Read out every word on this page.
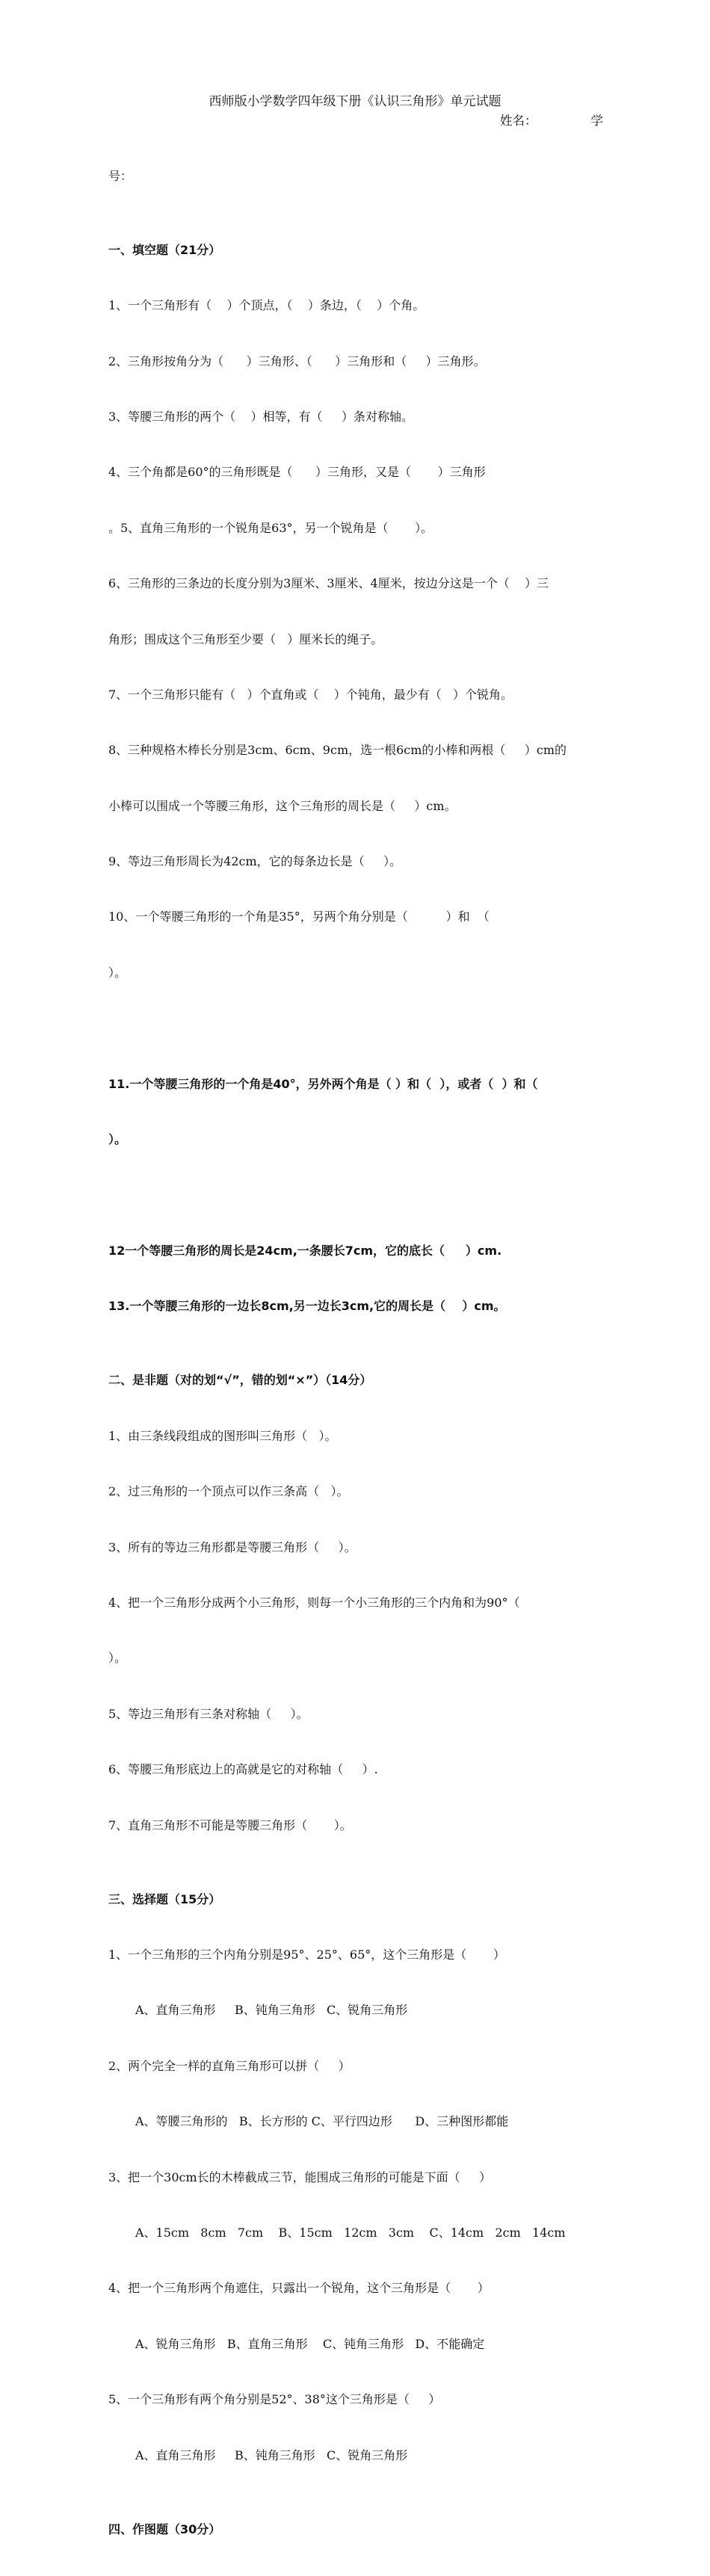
西师版小学数学四年级下册《认识三角形》单元试题
姓名：	学

号：

一、填空题（21分）

1、一个三角形有（    ）个顶点，（    ）条边，（    ）个角。

2、三角形按角分为（      ）三角形、（      ）三角形和（     ）三角形。

3、等腰三角形的两个（    ）相等，有（     ）条对称轴。

4、三个角都是60°的三角形既是（      ）三角形，又是（       ）三角形

。5、直角三角形的一个锐角是63°，另一个锐角是（       ）。

6、三角形的三条边的长度分别为3厘米、3厘米、4厘米，按边分这是一个（    ）三

角形；围成这个三角形至少要（   ）厘米长的绳子。

7、一个三角形只能有（   ）个直角或（    ）个钝角，最少有（   ）个锐角。

8、三种规格木棒长分别是3cm、6cm、9cm，选一根6cm的小棒和两根（     ）cm的

小棒可以围成一个等腰三角形，这个三角形的周长是（     ）cm。

9、等边三角形周长为42cm，它的每条边长是（     ）。

10、一个等腰三角形的一个角是35°，另两个角分别是（          ）和  （

）。

11.一个等腰三角形的一个角是40°，另外两个角是（ ）和（  ），或者（  ）和（

）。

12一个等腰三角形的周长是24cm,一条腰长7cm，它的底长（     ）cm.

13.一个等腰三角形的一边长8cm,另一边长3cm,它的周长是（    ）cm。

二、是非题（对的划“√”，错的划“×”）（14分）

1、由三条线段组成的图形叫三角形（   ）。

2、过三角形的一个顶点可以作三条高（   ）。

3、所有的等边三角形都是等腰三角形（     ）。

4、把一个三角形分成两个小三角形，则每一个小三角形的三个内角和为90°（

）。

5、等边三角形有三条对称轴（     ）。

6、等腰三角形底边上的高就是它的对称轴（     ）.

7、直角三角形不可能是等腰三角形（       ）。

三、选择题（15分）

1、一个三角形的三个内角分别是95°、25°、65°，这个三角形是（       ）

A、直角三角形     B、钝角三角形   C、锐角三角形

2、两个完全一样的直角三角形可以拼（     ）

A、等腰三角形的   B、长方形的 C、平行四边形      D、三种图形都能

3、把一个30cm长的木棒截成三节，能围成三角形的可能是下面（     ）

A、15cm   8cm   7cm    B、15cm   12cm   3cm    C、14cm   2cm   14cm

4、把一个三角形两个角遮住，只露出一个锐角，这个三角形是（       ）

A、锐角三角形   B、直角三角形    C、钝角三角形   D、不能确定

5、一个三角形有两个角分别是52°、38°这个三角形是（     ）

A、直角三角形     B、钝角三角形   C、锐角三角形

四、作图题（30分）
